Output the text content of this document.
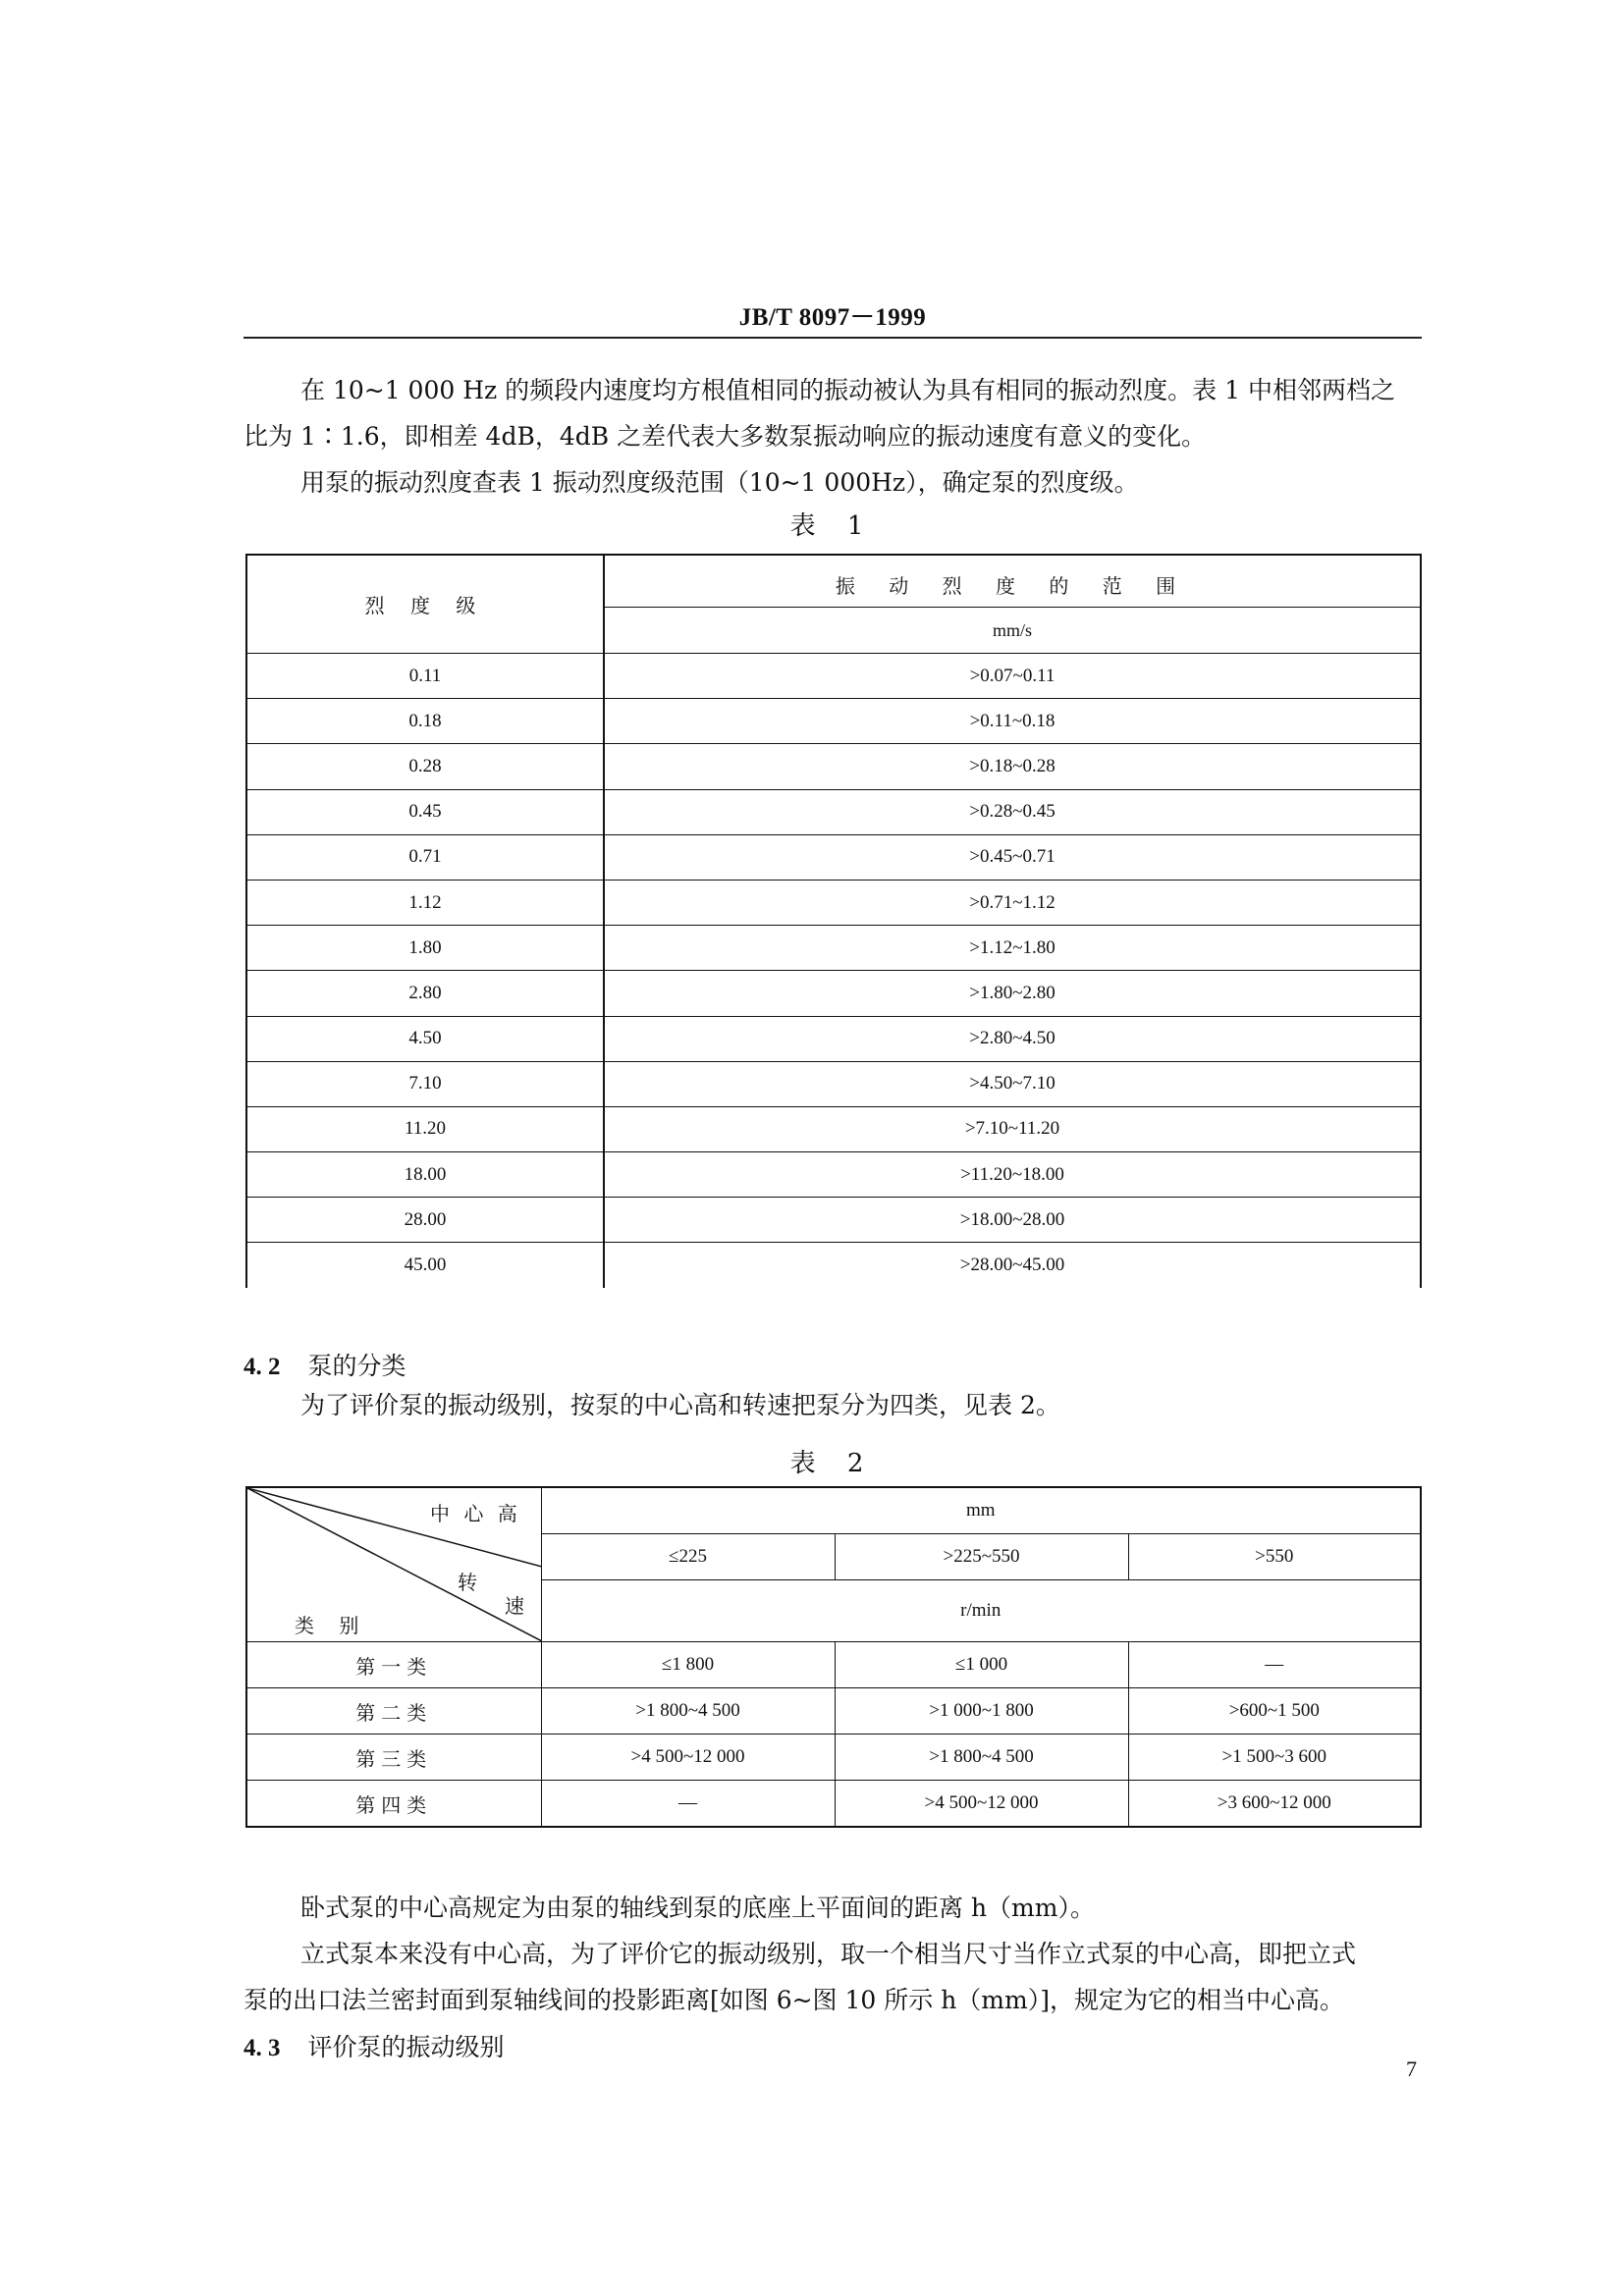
JB/T 8097－1999
在 10~1 000 Hz 的频段内速度均方根值相同的振动被认为具有相同的振动烈度。表 1 中相邻两档之
比为 1∶1.6，即相差 4dB，4dB 之差代表大多数泵振动响应的振动速度有意义的变化。
用泵的振动烈度查表 1 振动烈度级范围（10~1 000Hz），确定泵的烈度级。
表 1
烈 度 级	振 动 烈 度 的 范 围
	mm/s
0.11	>0.07~0.11
0.18	>0.11~0.18
0.28	>0.18~0.28
0.45	>0.28~0.45
0.71	>0.45~0.71
1.12	>0.71~1.12
1.80	>1.12~1.80
2.80	>1.80~2.80
4.50	>2.80~4.50
7.10	>4.50~7.10
11.20	>7.10~11.20
18.00	>11.20~18.00
28.00	>18.00~28.00
45.00	>28.00~45.00
4. 2 泵的分类
为了评价泵的振动级别，按泵的中心高和转速把泵分为四类，见表 2。
表 2
中 心 高
转
速
类    别	mm		
	≤225	>225~550	>550
	r/min		
第一类	≤1 800	≤1 000	—
第二类	>1 800~4 500	>1 000~1 800	>600~1 500
第三类	>4 500~12 000	>1 800~4 500	>1 500~3 600
第四类	—	>4 500~12 000	>3 600~12 000
卧式泵的中心高规定为由泵的轴线到泵的底座上平面间的距离 h（mm）。
立式泵本来没有中心高，为了评价它的振动级别，取一个相当尺寸当作立式泵的中心高，即把立式
泵的出口法兰密封面到泵轴线间的投影距离[如图 6~图 10 所示 h（mm）]，规定为它的相当中心高。
4. 3 评价泵的振动级别
7
